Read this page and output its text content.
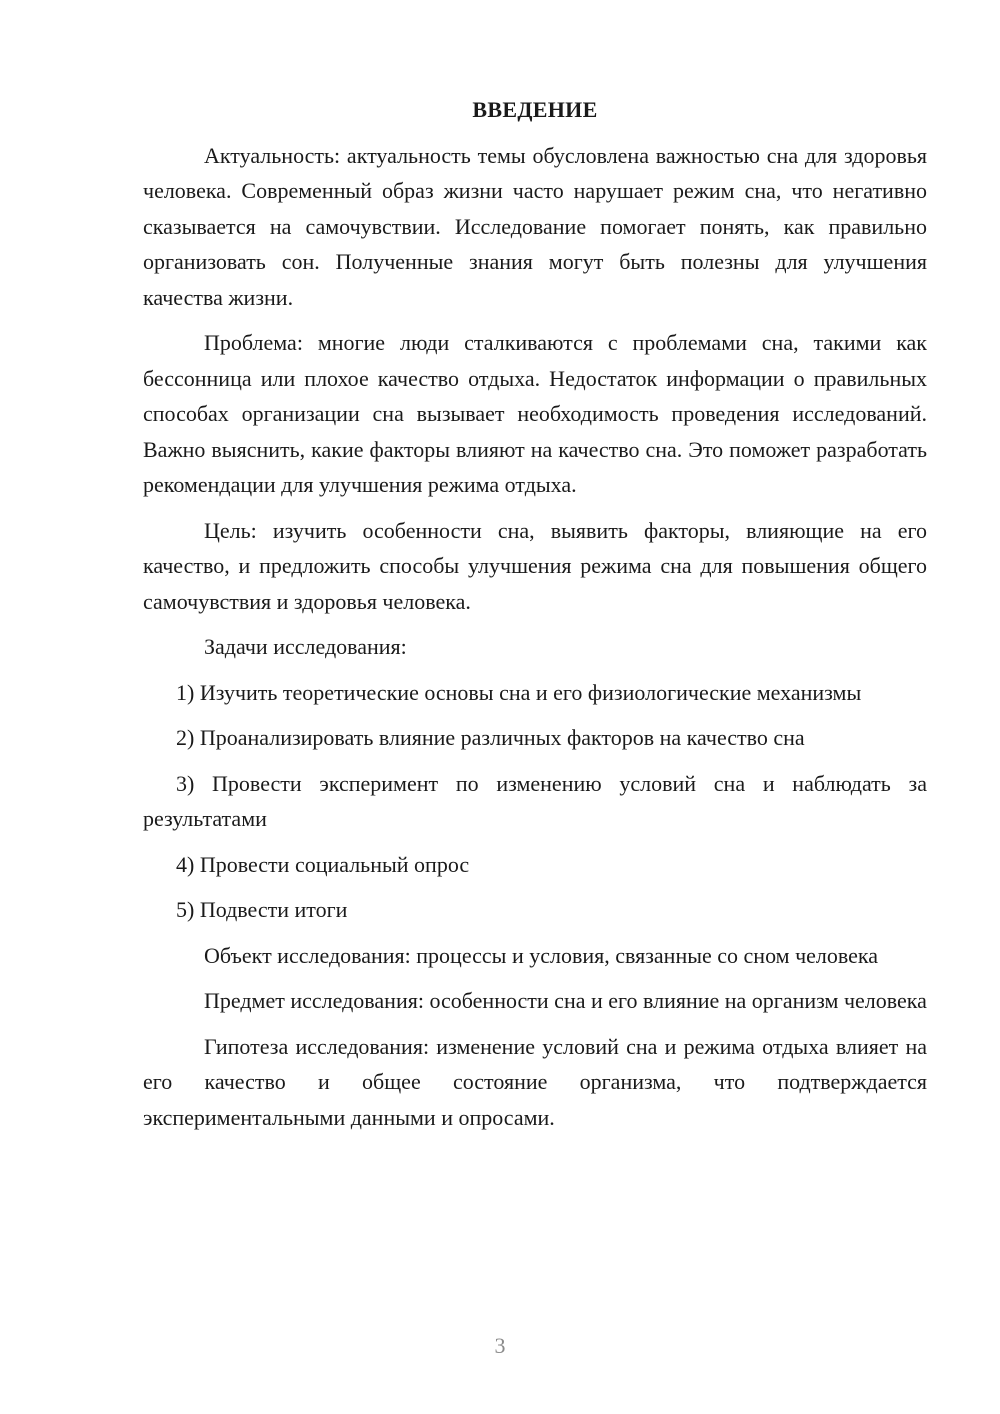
ВВЕДЕНИЕ

Актуальность: актуальность темы обусловлена важностью сна для здоровья человека. Современный образ жизни часто нарушает режим сна, что негативно сказывается на самочувствии. Исследование помогает понять, как правильно организовать сон. Полученные знания могут быть полезны для улучшения качества жизни.

Проблема: многие люди сталкиваются с проблемами сна, такими как бессонница или плохое качество отдыха. Недостаток информации о правильных способах организации сна вызывает необходимость проведения исследований. Важно выяснить, какие факторы влияют на качество сна. Это поможет разработать рекомендации для улучшения режима отдыха.

Цель: изучить особенности сна, выявить факторы, влияющие на его качество, и предложить способы улучшения режима сна для повышения общего самочувствия и здоровья человека.

Задачи исследования:

1) Изучить теоретические основы сна и его физиологические механизмы

2) Проанализировать влияние различных факторов на качество сна

3) Провести эксперимент по изменению условий сна и наблюдать за результатами

4) Провести социальный опрос

5) Подвести итоги

Объект исследования: процессы и условия, связанные со сном человека

Предмет исследования: особенности сна и его влияние на организм человека

Гипотеза исследования: изменение условий сна и режима отдыха влияет на его качество и общее состояние организма, что подтверждается экспериментальными данными и опросами.

3
